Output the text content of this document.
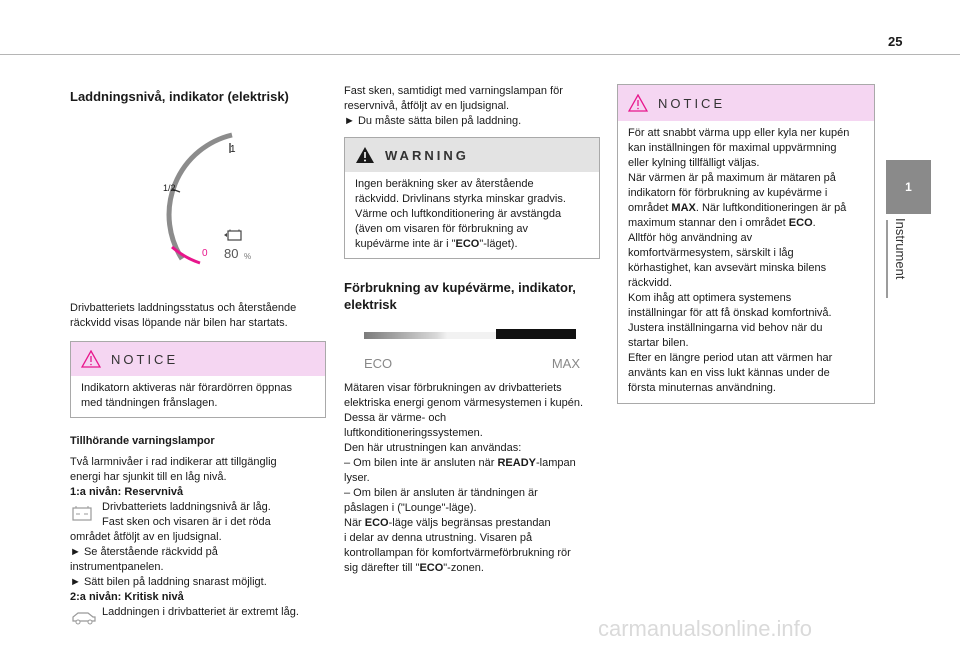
25
1
Instrument
Laddningsnivå, indikator (elektrisk)
1
1/2
0 80 %

Drivbatteriets laddningsstatus och återstående

räckvidd visas löpande när bilen har startats.

NOTICE

Indikatorn aktiveras när förardörren öppnas

med tändningen frånslagen.

Tillhörande varningslampor

Två larmnivåer i rad indikerar att tillgänglig

energi har sjunkit till en låg nivå.

1:a nivån: Reservnivå

Drivbatteriets laddningsnivå är låg.

Fast sken och visaren är i det röda

området åtföljt av en ljudsignal.

► Se återstående räckvidd på

instrumentpanelen.

► Sätt bilen på laddning snarast möjligt.

2:a nivån: Kritisk nivå

Laddningen i drivbatteriet är extremt låg.

Fast sken, samtidigt med varningslampan för

reservnivå, åtföljt av en ljudsignal.

► Du måste sätta bilen på laddning.

WARNING

Ingen beräkning sker av återstående

räckvidd. Drivlinans styrka minskar gradvis.

Värme och luftkonditionering är avstängda

(även om visaren för förbrukning av

kupévärme inte är i "ECO"-läget).

Förbrukning av kupévärme, indikator,
elektrisk
ECO	MAX

Mätaren visar förbrukningen av drivbatteriets

elektriska energi genom värmesystemen i kupén.

Dessa är värme- och

luftkonditioneringssystemen.

Den här utrustningen kan användas:

– Om bilen inte är ansluten när READY-lampan

lyser.

– Om bilen är ansluten är tändningen är

påslagen i ("Lounge"-läge).

När ECO-läge väljs begränsas prestandan

i delar av denna utrustning. Visaren på

kontrollampan för komfortvärmeförbrukning rör

sig därefter till "ECO"-zonen.

NOTICE

För att snabbt värma upp eller kyla ner kupén

kan inställningen för maximal uppvärmning

eller kylning tillfälligt väljas.

När värmen är på maximum är mätaren på

indikatorn för förbrukning av kupévärme i

området MAX. När luftkonditioneringen är på

maximum stannar den i området ECO.

Alltför hög användning av

komfortvärmesystem, särskilt i låg

körhastighet, kan avsevärt minska bilens

räckvidd.

Kom ihåg att optimera systemens

inställningar för att få önskad komfortnivå.

Justera inställningarna vid behov när du

startar bilen.

Efter en längre period utan att värmen har

använts kan en viss lukt kännas under de

första minuternas användning.

carmanualsonline.info
